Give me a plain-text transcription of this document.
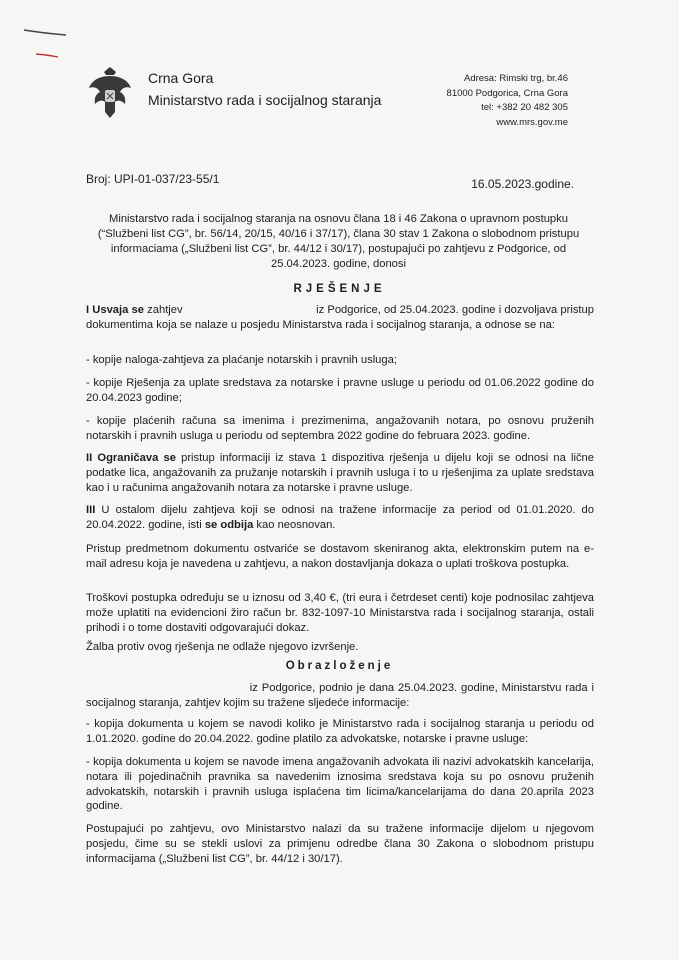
Crna Gora
Ministarstvo rada i socijalnog staranja
Adresa: Rimski trg, br.46
81000 Podgorica, Crna Gora
tel: +382 20 482 305
www.mrs.gov.me
Broj: UPI-01-037/23-55/1	16.05.2023.godine.
Ministarstvo rada i socijalnog staranja na osnovu člana 18 i 46 Zakona o upravnom postupku (“Službeni list CG”, br. 56/14, 20/15, 40/16 i 37/17), člana 30 stav 1 Zakona o slobodnom pristupu informaciama („Službeni list CG”, br. 44/12 i 30/17), postupajući po zahtjevu z Podgorice, od 25.04.2023. godine, donosi
RJEŠENJE

I Usvaja se zahtjev                                          iz Podgorice, od 25.04.2023. godine i dozvoljava pristup dokumentima koja se nalaze u posjedu Ministarstva rada i socijalnog staranja, a odnose se na:

- kopije naloga-zahtjeva za plaćanje notarskih i pravnih usluga;

- kopije Rješenja za uplate sredstava za notarske i pravne usluge u periodu od 01.06.2022 godine do 20.04.2023 godine;

- kopije plaćenih računa sa imenima i prezimenima, angažovanih notara, po osnovu pruženih notarskih i pravnih usluga u periodu od septembra 2022 godine do februara 2023. godine.

II Ograničava se pristup informaciji iz stava 1 dispozitiva rješenja u dijelu koji se odnosi na lične podatke lica, angažovanih za pružanje notarskih i pravnih usluga i to u rješenjima za uplate sredstava kao i u računima angažovanih notara za notarske i pravne usluge.

III U ostalom dijelu zahtjeva koji se odnosi na tražene informacije za period od 01.01.2020. do 20.04.2022. godine, isti se odbija kao neosnovan.

Pristup predmetnom dokumentu ostvariće se dostavom skeniranog akta, elektronskim putem na e-mail adresu koja je navedena u zahtjevu, a nakon dostavljanja dokaza o uplati troškova postupka.

Troškovi postupka određuju se u iznosu od 3,40 €, (tri eura i četrdeset centi) koje podnosilac zahtjeva može uplatiti na evidencioni žiro račun br. 832-1097-10 Ministarstva rada i socijalnog staranja, ostali prihodi i o tome dostaviti odgovarajući dokaz.

Žalba protiv ovog rješenja ne odlaže njegovo izvršenje.

Obrazloženje

iz Podgorice, podnio je dana 25.04.2023. godine, Ministarstvu rada i socijalnog staranja, zahtjev kojim su tražene sljedeće informacije:

- kopija dokumenta u kojem se navodi koliko je Ministarstvo rada i socijalnog staranja u periodu od 1.01.2020. godine do 20.04.2022. godine platilo za advokatske, notarske i pravne usluge:

- kopija dokumenta u kojem se navode imena angažovanih advokata ili nazivi advokatskih kancelarija, notara ili pojedinačnih pravnika sa navedenim iznosima sredstava koja su po osnovu pruženih advokatskih, notarskih i pravnih usluga isplaćena tim licima/kancelarijama do dana 20.aprila 2023 godine.

Postupajući po zahtjevu, ovo Ministarstvo nalazi da su tražene informacije dijelom u njegovom posjedu, čime su se stekli uslovi za primjenu odredbe člana 30 Zakona o slobodnom pristupu informacijama („Službeni list CG”, br. 44/12 i 30/17).
